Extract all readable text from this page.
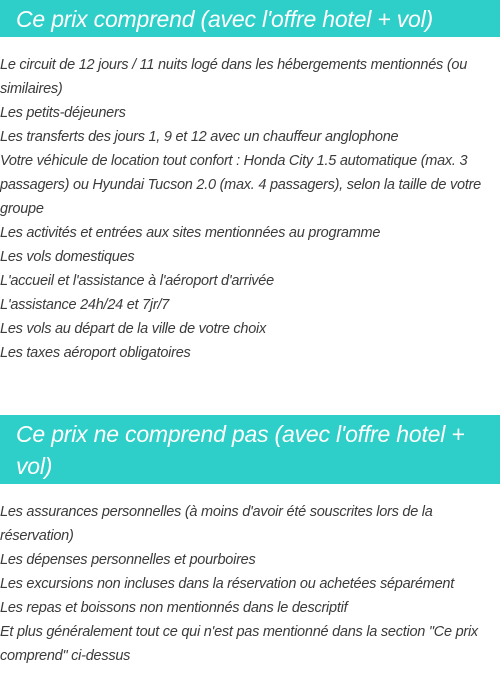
Ce prix comprend (avec l'offre hotel + vol)
Le circuit de 12 jours / 11 nuits logé dans les hébergements mentionnés (ou similaires)
Les petits-déjeuners
Les transferts des jours 1, 9 et 12 avec un chauffeur anglophone
Votre véhicule de location tout confort : Honda City 1.5 automatique (max. 3 passagers) ou Hyundai Tucson 2.0 (max. 4 passagers), selon la taille de votre groupe
Les activités et entrées aux sites mentionnées au programme
Les vols domestiques
L'accueil et l'assistance à l'aéroport d'arrivée
L'assistance 24h/24 et 7jr/7
Les vols au départ de la ville de votre choix
Les taxes aéroport obligatoires
Ce prix ne comprend pas (avec l'offre hotel + vol)
Les assurances personnelles (à moins d'avoir été souscrites lors de la réservation)
Les dépenses personnelles et pourboires
Les excursions non incluses dans la réservation ou achetées séparément
Les repas et boissons non mentionnés dans le descriptif
Et plus généralement tout ce qui n'est pas mentionné dans la section "Ce prix comprend" ci-dessus
